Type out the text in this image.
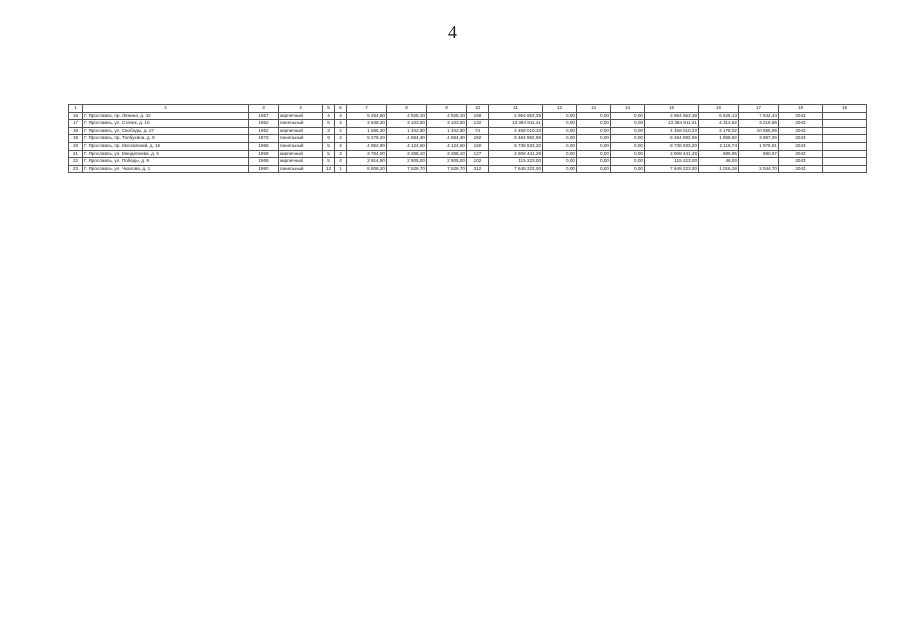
4
1	2	3	4	5	6	7	8	9	10	11	12	13	14	15	16	17	18	19
16	Г. Ярославль, пр. Ленина, д. 42	1957	кирпичный	4	4	5 254,80	4 528,10	4 528,10	168	2 954 653,38	0,00	0,00	0,00	2 954 653,38	6 526,13	7 642,44	2043	
17	Г. Ярославль, ул. Стачек, д. 10	1962	панельный	5	4	3 648,20	3 103,50	3 103,50	132	13 384 911,41	0,00	0,00	0,00	13 384 911,41	4 314,62	3 218,66	2043	
18	Г. Ярославль, ул. Свободы, д. 27	1952	кирпичный	3	2	1 556,30	1 402,80	1 402,80	74	4 458 010,33	0,00	0,00	0,00	4 458 010,33	3 178,02	10 555,96	2043	
19	Г. Ярославль, пр. Толбухина, д. 8	1973	панельный	9	3	5 276,20	4 564,30	4 564,30	182	8 484 892,96	0,00	0,00	0,00	8 484 892,96	1 858,92	3 897,26	2043	
20	Г. Ярославль, пр. Московский, д. 15	1968	панельный	5	4	4 852,90	4 124,60	4 124,60	160	8 738 833,20	0,00	0,00	0,00	8 738 833,20	2 118,74	1 978,51	2043	
21	Г. Ярославль, ул. Менделеева, д. 5	1959	кирпичный	5	3	3 754,00	3 268,10	3 268,10	127	2 908 441,28	0,00	0,00	0,00	2 908 441,28	889,95	580,97	2043	
22	Г. Ярославль, ул. Победы, д. 9	1969	кирпичный	5	4	2 914,90	2 505,00	2 505,00	102	115 223,00	0,00	0,00	0,00	115 223,00	46,00		2043	
23	Г. Ярославль, ул. Чкалова, д. 1	1980	панельный	12	1	8 806,20	7 526,70	7 526,70	312	7 649 223,00	0,00	0,00	0,00	7 649 223,00	1 016,28	2 044,70	2043	
